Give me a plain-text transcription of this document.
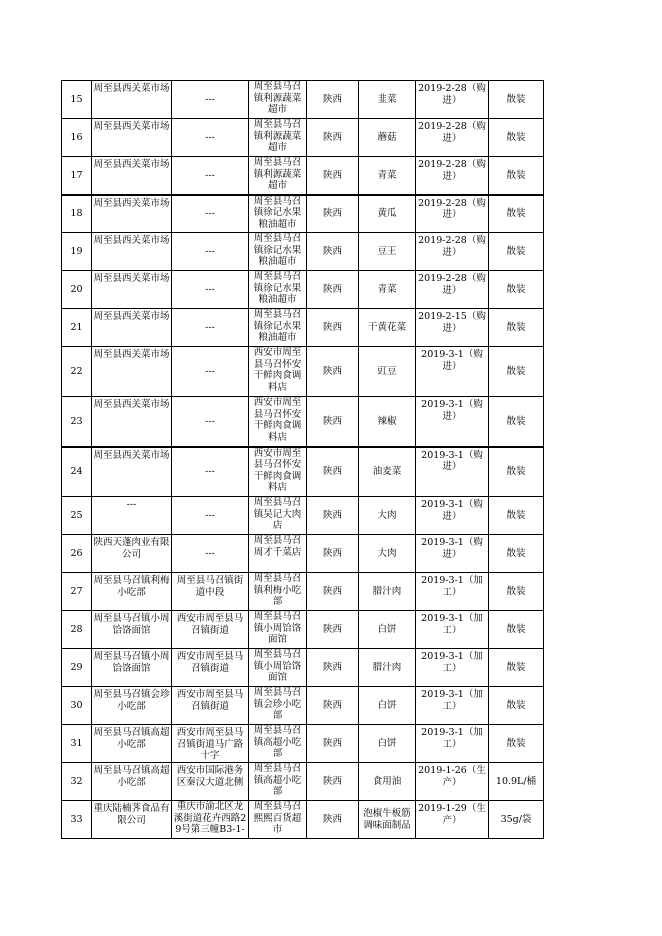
15	周至县西关菜市场	---	周至县马召镇利源蔬菜超市	陕西	韭菜	2019-2-28（购进）	散装
16	周至县西关菜市场	---	周至县马召镇利源蔬菜超市	陕西	蘑菇	2019-2-28（购进）	散装
17	周至县西关菜市场	---	周至县马召镇利源蔬菜超市	陕西	青菜	2019-2-28（购进）	散装
18	周至县西关菜市场	---	周至县马召镇徐记水果粮油超市	陕西	黄瓜	2019-2-28（购进）	散装
19	周至县西关菜市场	---	周至县马召镇徐记水果粮油超市	陕西	豆王	2019-2-28（购进）	散装
20	周至县西关菜市场	---	周至县马召镇徐记水果粮油超市	陕西	青菜	2019-2-28（购进）	散装
21	周至县西关菜市场	---	周至县马召镇徐记水果粮油超市	陕西	干黄花菜	2019-2-15（购进）	散装
22	周至县西关菜市场	---	西安市周至县马召怀安干鲜肉食调料店	陕西	豇豆	2019-3-1（购进）	散装
23	周至县西关菜市场	---	西安市周至县马召怀安干鲜肉食调料店	陕西	辣椒	2019-3-1（购进）	散装
24	周至县西关菜市场	---	西安市周至县马召怀安干鲜肉食调料店	陕西	油麦菜	2019-3-1（购进）	散装
25	---	---	周至县马召镇吴记大肉店	陕西	大肉	2019-3-1（购进）	散装
26	陕西天蓬肉业有限公司	---	周至县马召周才千菜店	陕西	大肉	2019-3-1（购进）	散装
27	周至县马召镇利梅小吃部	周至县马召镇街道中段	周至县马召镇利梅小吃部	陕西	腊汁肉	2019-3-1（加工）	散装
28	周至县马召镇小周饸饹面馆	西安市周至县马召镇街道	周至县马召镇小周饸饹面馆	陕西	白饼	2019-3-1（加工）	散装
29	周至县马召镇小周饸饹面馆	西安市周至县马召镇街道	周至县马召镇小周饸饹面馆	陕西	腊汁肉	2019-3-1（加工）	散装
30	周至县马召镇会珍小吃部	西安市周至县马召镇街道	周至县马召镇会珍小吃部	陕西	白饼	2019-3-1（加工）	散装
31	周至县马召镇高超小吃部	西安市周至县马召镇街道马广路十字	周至县马召镇高超小吃部	陕西	白饼	2019-3-1（加工）	散装
32	周至县马召镇高超小吃部	西安市国际港务区秦汉大道北侧	周至县马召镇高超小吃部	陕西	食用油	2019-1-26（生产）	10.9L/桶
33	重庆陆楠荠食品有限公司	重庆市渝北区龙溪街道花卉西路29号第三幢B3-1-	周至县马召熙熙百货超市	陕西	泡椒牛板筋调味面制品	2019-1-29（生产）	35g/袋
